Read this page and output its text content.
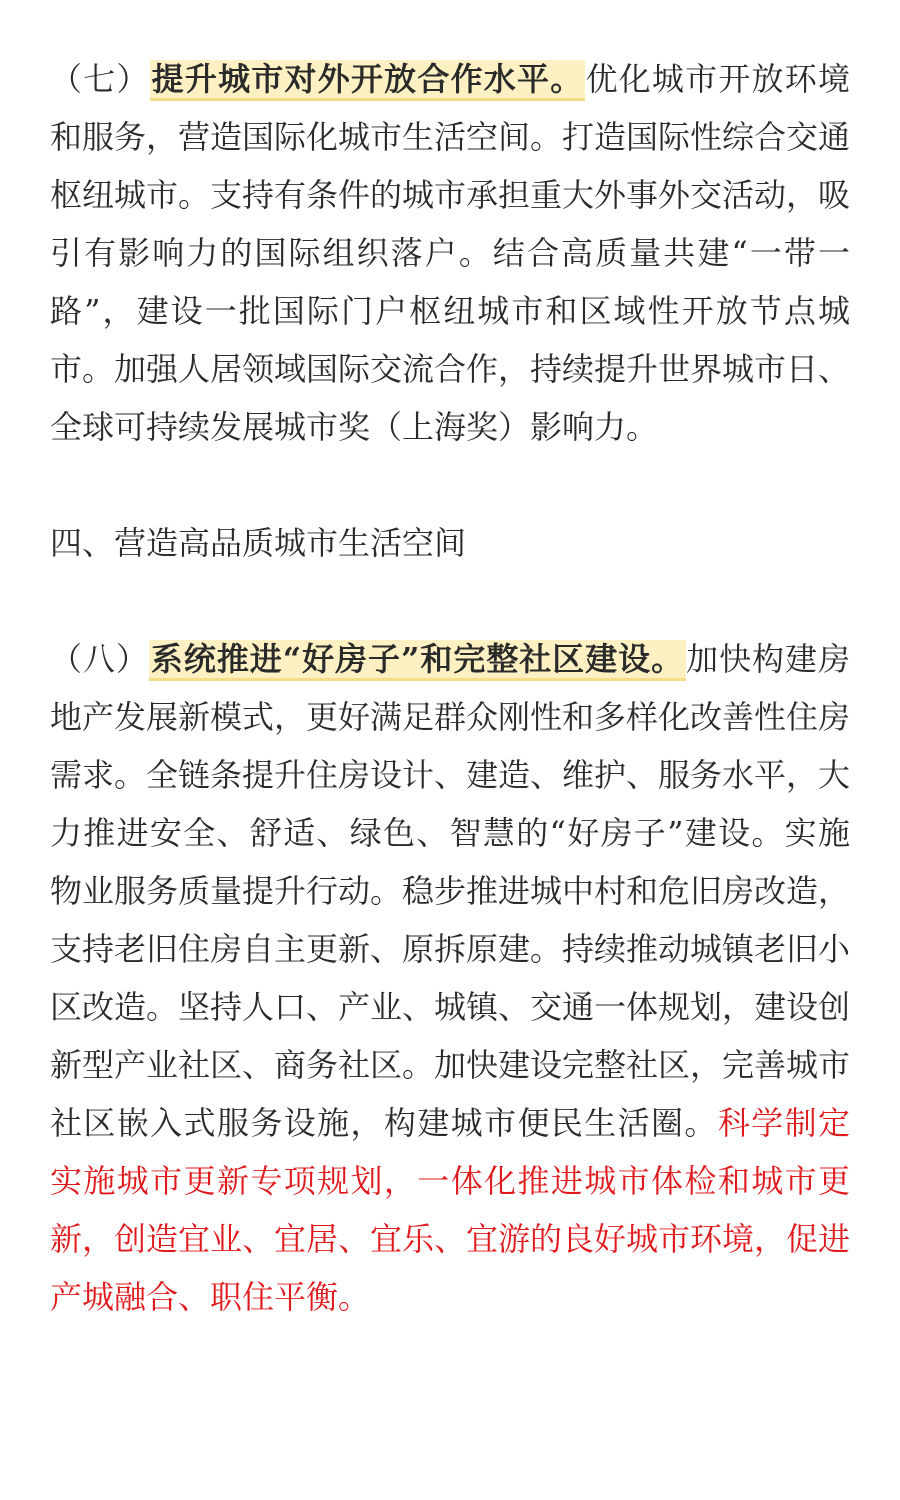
（七）提升城市对外开放合作水平。优化城市开放环境和服务，营造国际化城市生活空间。打造国际性综合交通枢纽城市。支持有条件的城市承担重大外事外交活动，吸引有影响力的国际组织落户。结合高质量共建“一带一路”，建设一批国际门户枢纽城市和区域性开放节点城市。加强人居领域国际交流合作，持续提升世界城市日、全球可持续发展城市奖（上海奖）影响力。

四、营造高品质城市生活空间

（八）系统推进“好房子”和完整社区建设。加快构建房地产发展新模式，更好满足群众刚性和多样化改善性住房需求。全链条提升住房设计、建造、维护、服务水平，大力推进安全、舒适、绿色、智慧的“好房子”建设。实施物业服务质量提升行动。稳步推进城中村和危旧房改造，支持老旧住房自主更新、原拆原建。持续推动城镇老旧小区改造。坚持人口、产业、城镇、交通一体规划，建设创新型产业社区、商务社区。加快建设完整社区，完善城市社区嵌入式服务设施，构建城市便民生活圈。科学制定实施城市更新专项规划，一体化推进城市体检和城市更新，创造宜业、宜居、宜乐、宜游的良好城市环境，促进产城融合、职住平衡。
